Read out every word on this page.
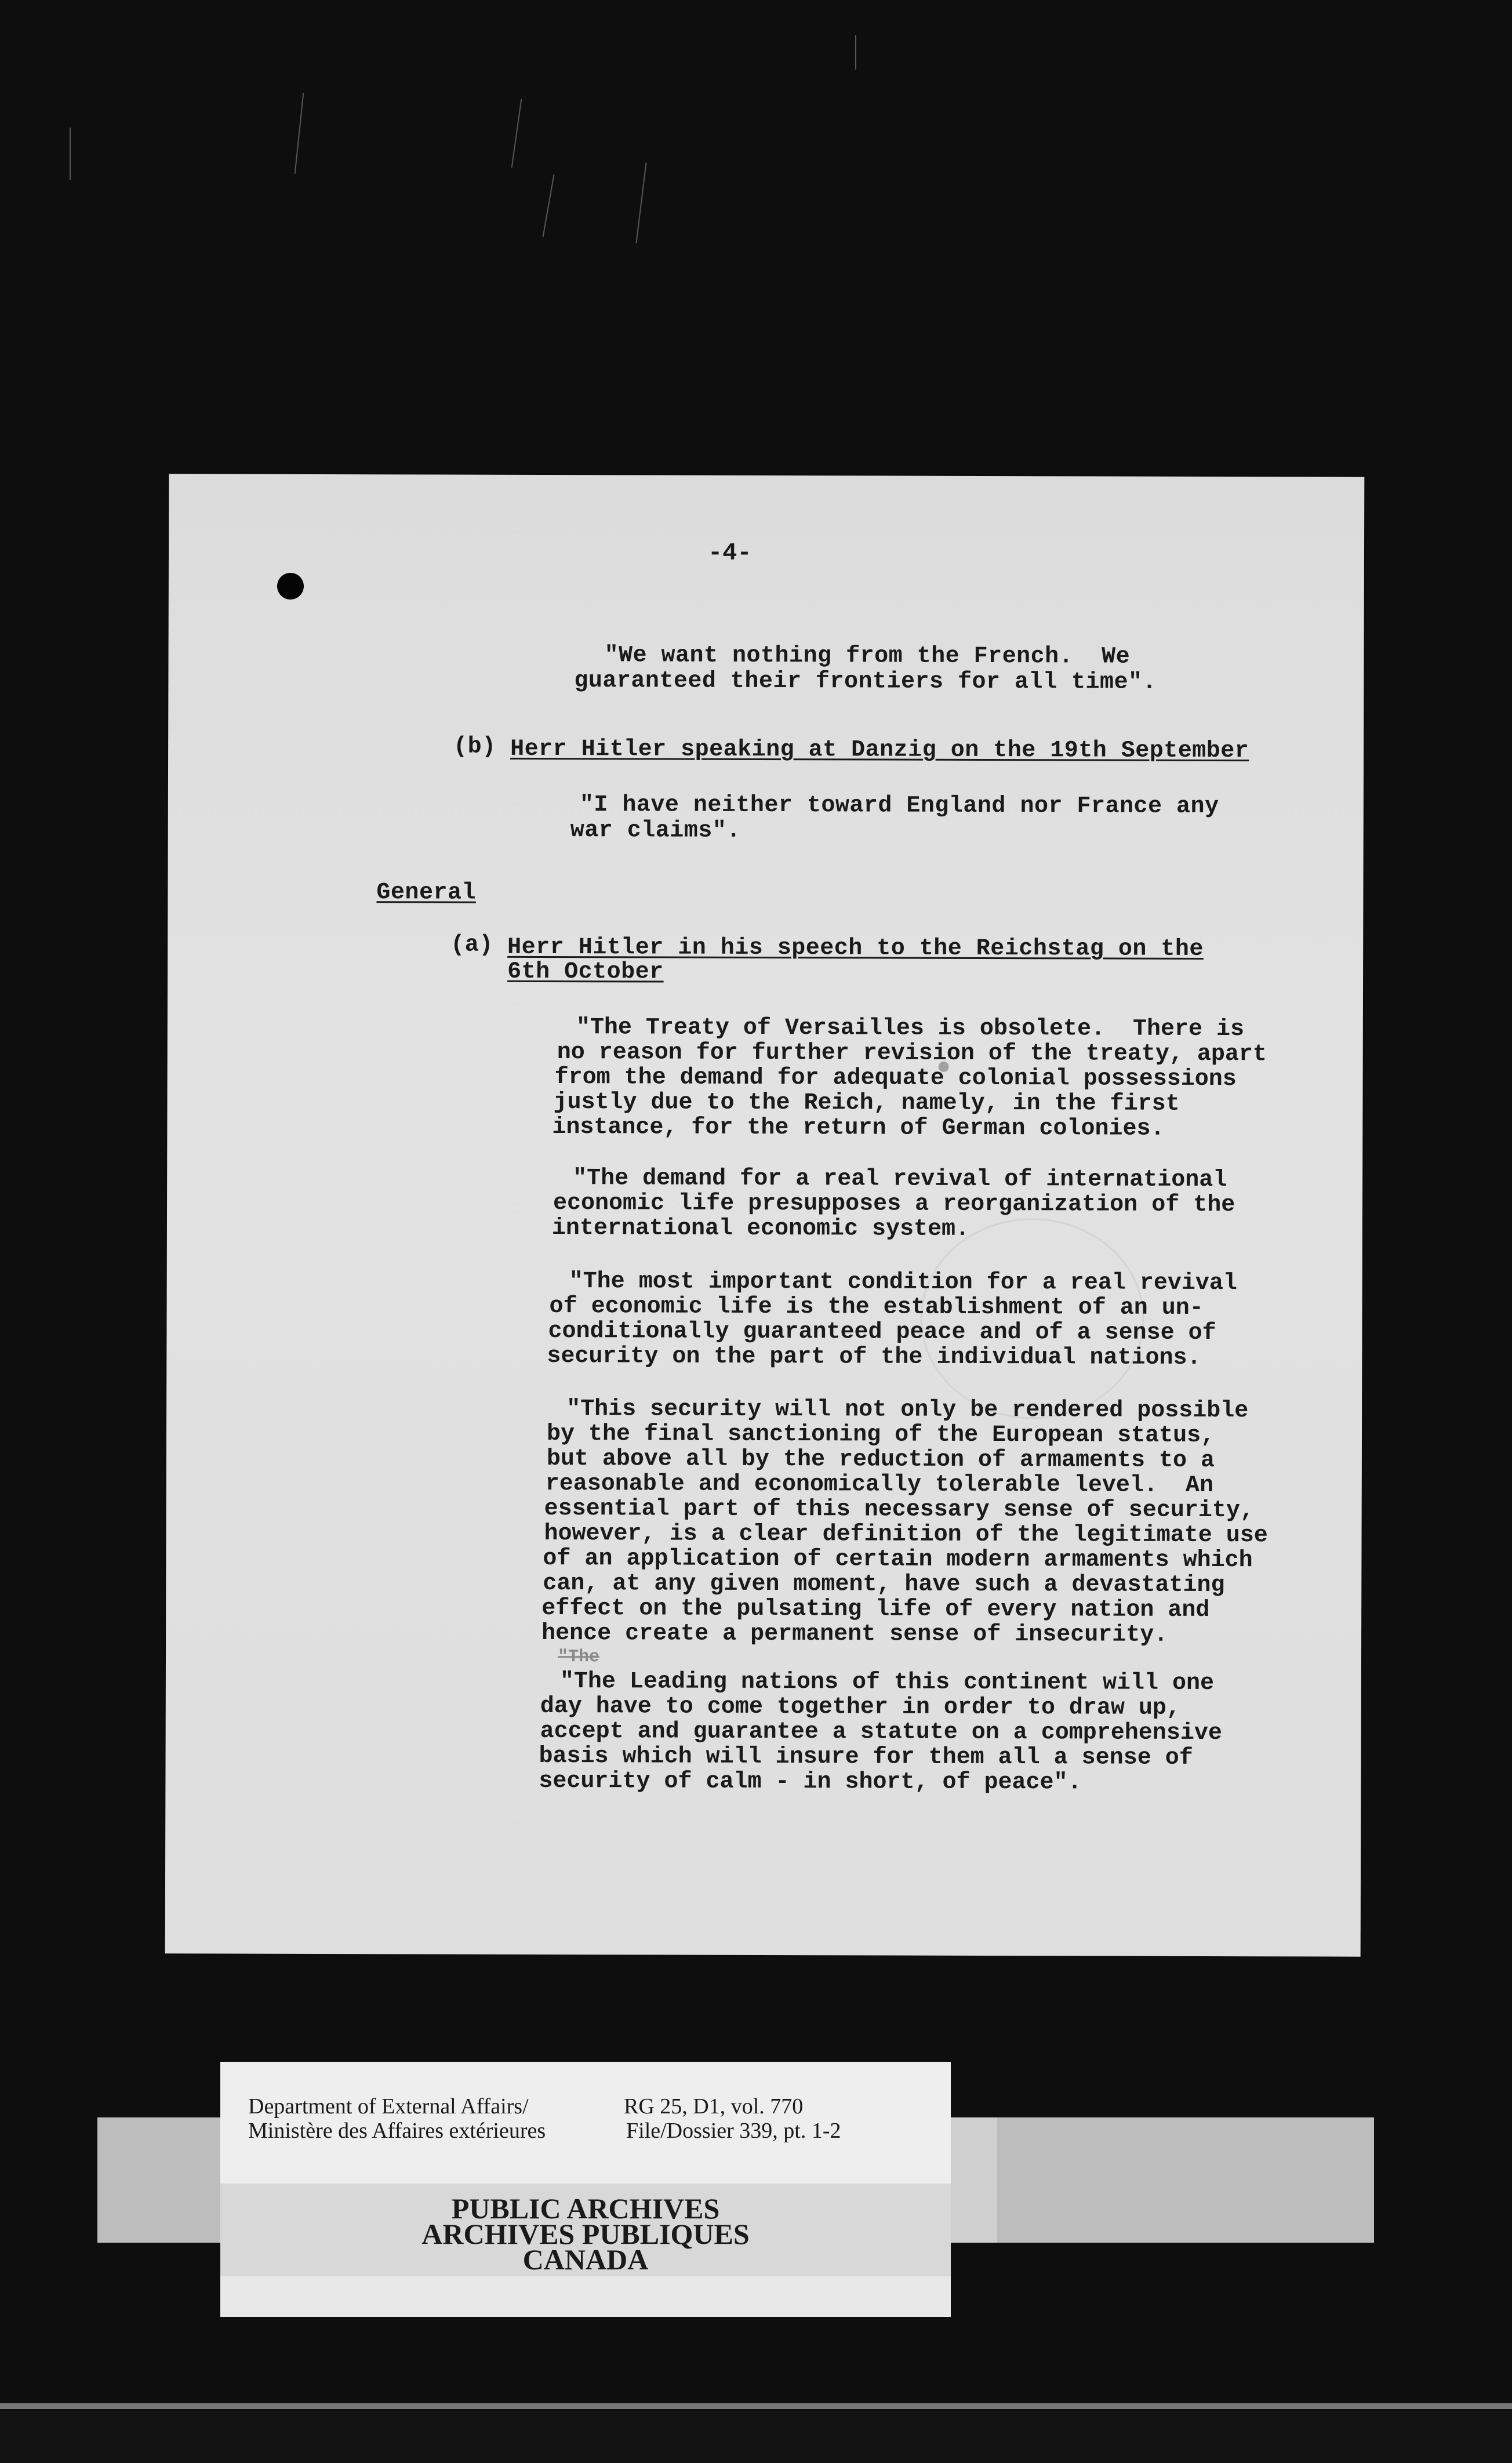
-4-
"We want nothing from the French.  We
guaranteed their frontiers for all time".
(b) Herr Hitler speaking at Danzig on the 19th September
"I have neither toward England nor France any
war claims".
General
(a) Herr Hitler in his speech to the Reichstag on the
6th October
"The Treaty of Versailles is obsolete.  There is
no reason for further revision of the treaty, apart
from the demand for adequate colonial possessions
justly due to the Reich, namely, in the first
instance, for the return of German colonies.
"The demand for a real revival of international
economic life presupposes a reorganization of the
international economic system.
"The most important condition for a real revival
of economic life is the establishment of an un-
conditionally guaranteed peace and of a sense of
security on the part of the individual nations.
"This security will not only be rendered possible
by the final sanctioning of the European status,
but above all by the reduction of armaments to a
reasonable and economically tolerable level.  An
essential part of this necessary sense of security,
however, is a clear definition of the legitimate use
of an application of certain modern armaments which
can, at any given moment, have such a devastating
effect on the pulsating life of every nation and
hence create a permanent sense of insecurity.
"The
"The Leading nations of this continent will one
day have to come together in order to draw up,
accept and guarantee a statute on a comprehensive
basis which will insure for them all a sense of
security of calm - in short, of peace".
Department of External Affairs/	RG 25, D1, vol. 770
Ministère des Affaires extérieures	File/Dossier 339, pt. 1-2
PUBLIC ARCHIVES
ARCHIVES PUBLIQUES
CANADA
